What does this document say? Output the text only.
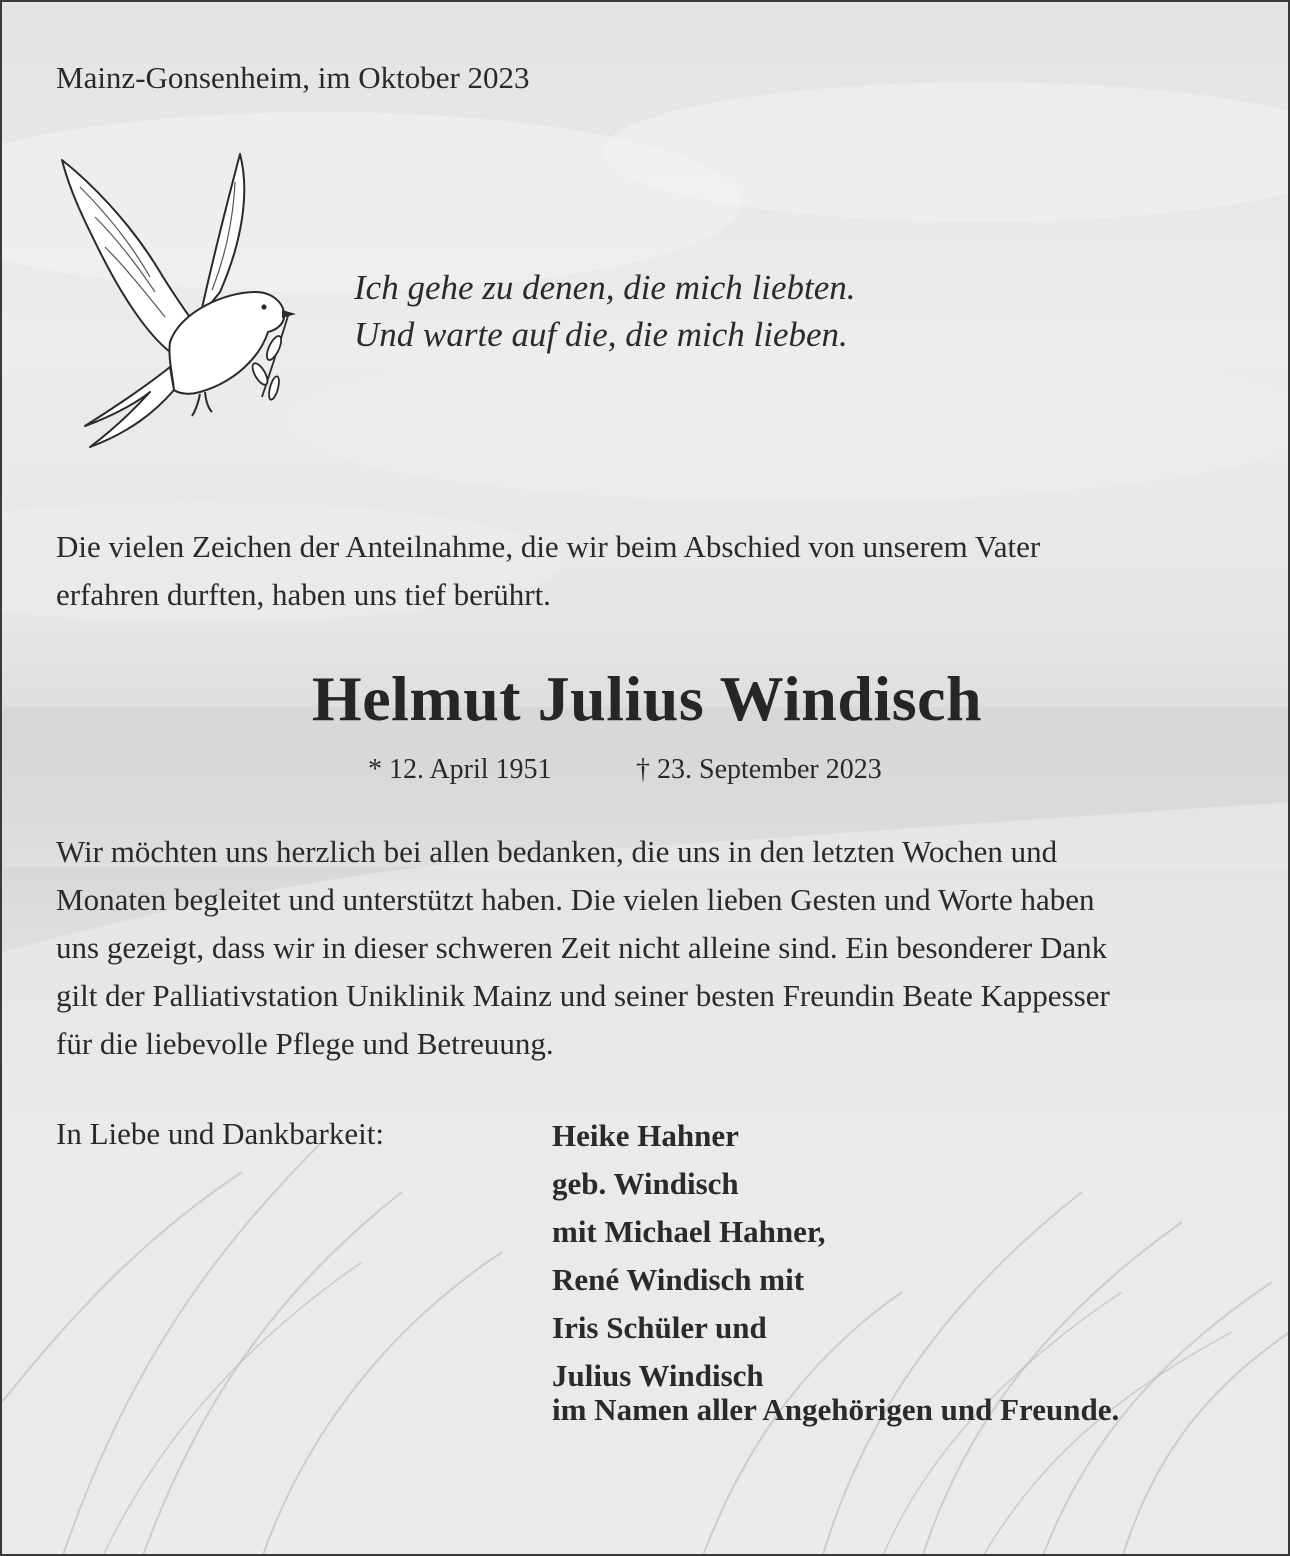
Mainz-Gonsenheim, im Oktober 2023
Ich gehe zu denen, die mich liebten.
Und warte auf die, die mich lieben.
Die vielen Zeichen der Anteilnahme, die wir beim Abschied von unserem Vater
erfahren durften, haben uns tief berührt.
Helmut Julius Windisch
* 12. April 1951	† 23. September 2023
Wir möchten uns herzlich bei allen bedanken, die uns in den letzten Wochen und
Monaten begleitet und unterstützt haben. Die vielen lieben Gesten und Worte haben
uns gezeigt, dass wir in dieser schweren Zeit nicht alleine sind. Ein besonderer Dank
gilt der Palliativstation Uniklinik Mainz und seiner besten Freundin Beate Kappesser
für die liebevolle Pflege und Betreuung.
In Liebe und Dankbarkeit:	Heike Hahner
geb. Windisch
mit Michael Hahner,
René Windisch mit
Iris Schüler und
Julius Windisch
im Namen aller Angehörigen und Freunde.
